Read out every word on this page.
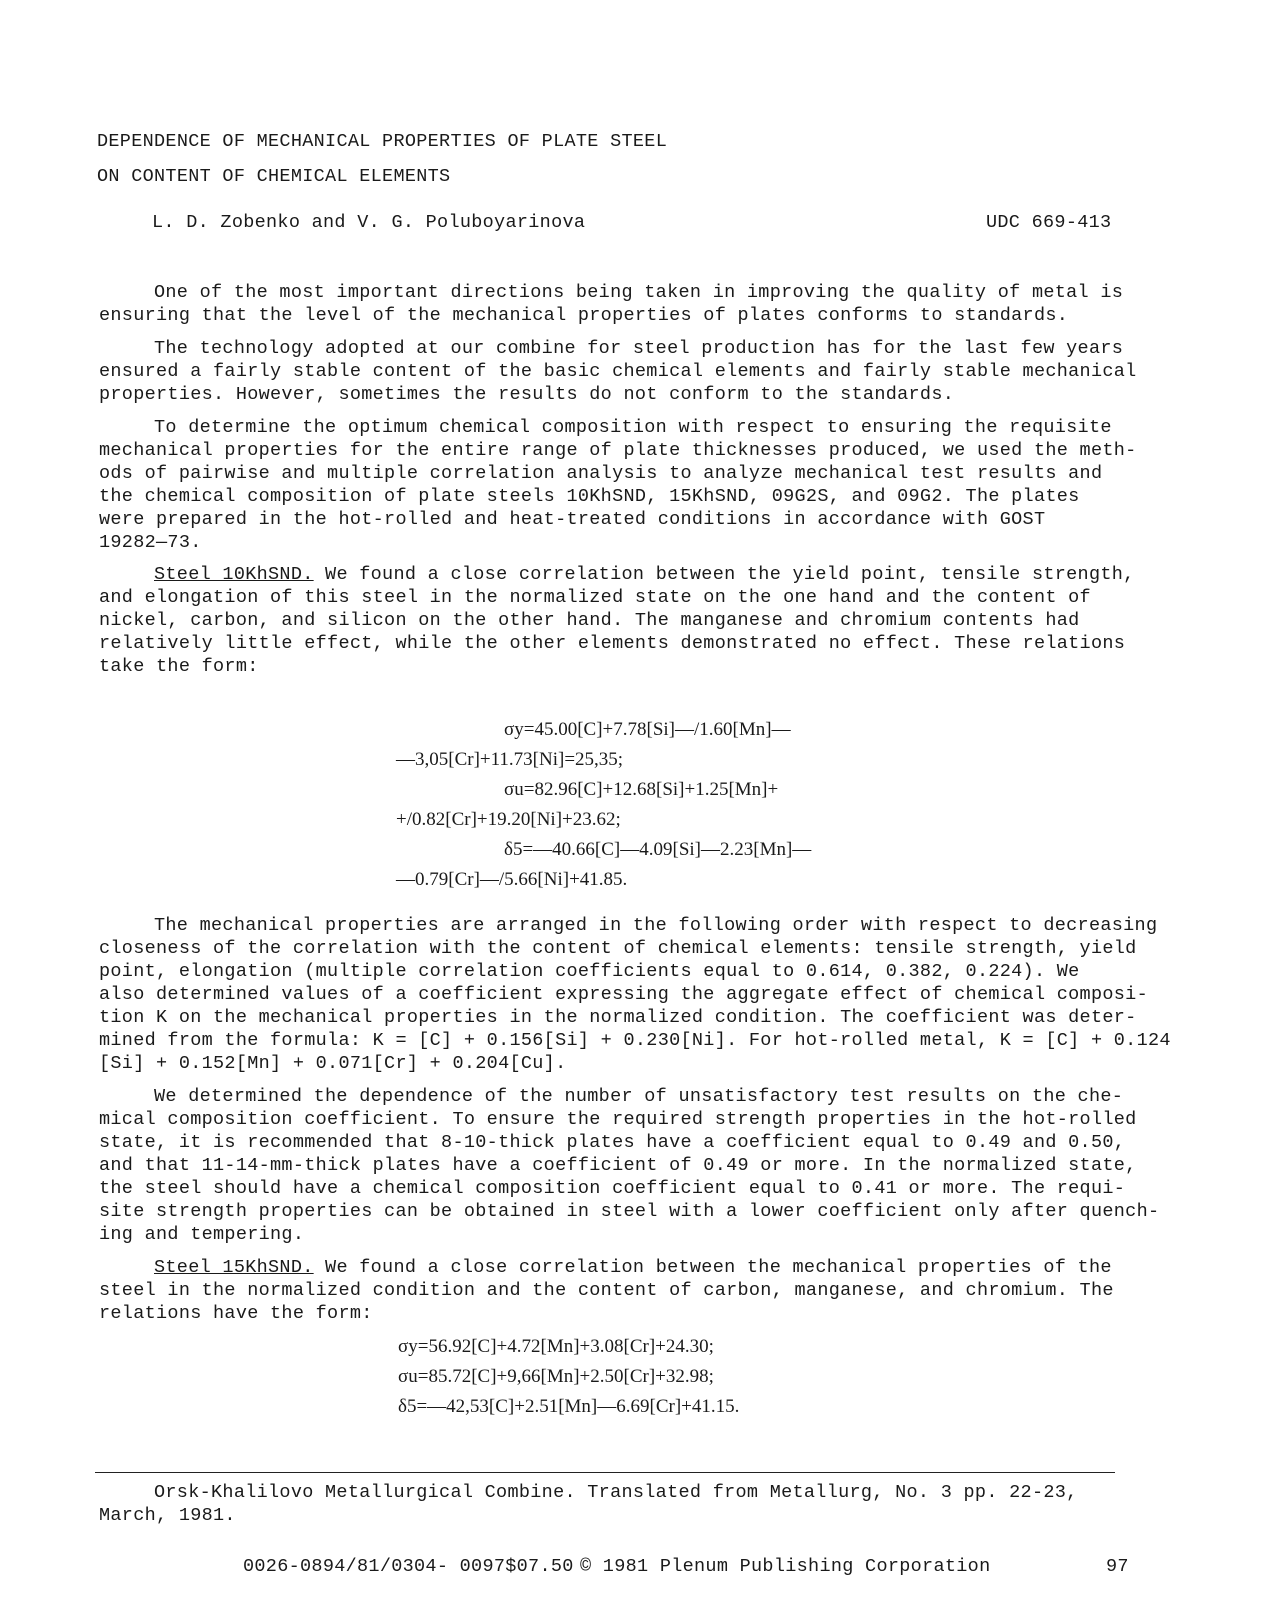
DEPENDENCE OF MECHANICAL PROPERTIES OF PLATE STEEL
ON CONTENT OF CHEMICAL ELEMENTS
L. D. Zobenko and V. G. Poluboyarinova	UDC 669-413
One of the most important directions being taken in improving the quality of metal is
ensuring that the level of the mechanical properties of plates conforms to standards.
The technology adopted at our combine for steel production has for the last few years
ensured a fairly stable content of the basic chemical elements and fairly stable mechanical
properties. However, sometimes the results do not conform to the standards.
To determine the optimum chemical composition with respect to ensuring the requisite
mechanical properties for the entire range of plate thicknesses produced, we used the meth-
ods of pairwise and multiple correlation analysis to analyze mechanical test results and
the chemical composition of plate steels 10KhSND, 15KhSND, 09G2S, and 09G2. The plates
were prepared in the hot-rolled and heat-treated conditions in accordance with GOST
19282—73.
Steel 10KhSND. We found a close correlation between the yield point, tensile strength,
and elongation of this steel in the normalized state on the one hand and the content of
nickel, carbon, and silicon on the other hand. The manganese and chromium contents had
relatively little effect, while the other elements demonstrated no effect. These relations
take the form:
σy=45.00[C]+7.78[Si]—/1.60[Mn]—
—3,05[Cr]+11.73[Ni]=25,35;
σu=82.96[C]+12.68[Si]+1.25[Mn]+
+/0.82[Cr]+19.20[Ni]+23.62;
δ5=—40.66[C]—4.09[Si]—2.23[Mn]—
—0.79[Cr]—/5.66[Ni]+41.85.
The mechanical properties are arranged in the following order with respect to decreasing
closeness of the correlation with the content of chemical elements: tensile strength, yield
point, elongation (multiple correlation coefficients equal to 0.614, 0.382, 0.224). We
also determined values of a coefficient expressing the aggregate effect of chemical composi-
tion K on the mechanical properties in the normalized condition. The coefficient was deter-
mined from the formula: K = [C] + 0.156[Si] + 0.230[Ni]. For hot-rolled metal, K = [C] + 0.124
[Si] + 0.152[Mn] + 0.071[Cr] + 0.204[Cu].
We determined the dependence of the number of unsatisfactory test results on the che-
mical composition coefficient. To ensure the required strength properties in the hot-rolled
state, it is recommended that 8-10-thick plates have a coefficient equal to 0.49 and 0.50,
and that 11-14-mm-thick plates have a coefficient of 0.49 or more. In the normalized state,
the steel should have a chemical composition coefficient equal to 0.41 or more. The requi-
site strength properties can be obtained in steel with a lower coefficient only after quench-
ing and tempering.
Steel 15KhSND. We found a close correlation between the mechanical properties of the
steel in the normalized condition and the content of carbon, manganese, and chromium. The
relations have the form:
σy=56.92[C]+4.72[Mn]+3.08[Cr]+24.30;
σu=85.72[C]+9,66[Mn]+2.50[Cr]+32.98;
δ5=—42,53[C]+2.51[Mn]—6.69[Cr]+41.15.
Orsk-Khalilovo Metallurgical Combine. Translated from Metallurg, No. 3 pp. 22-23,
March, 1981.
0026-0894/81/0304- 0097$07.50 © 1981 Plenum Publishing Corporation	97
